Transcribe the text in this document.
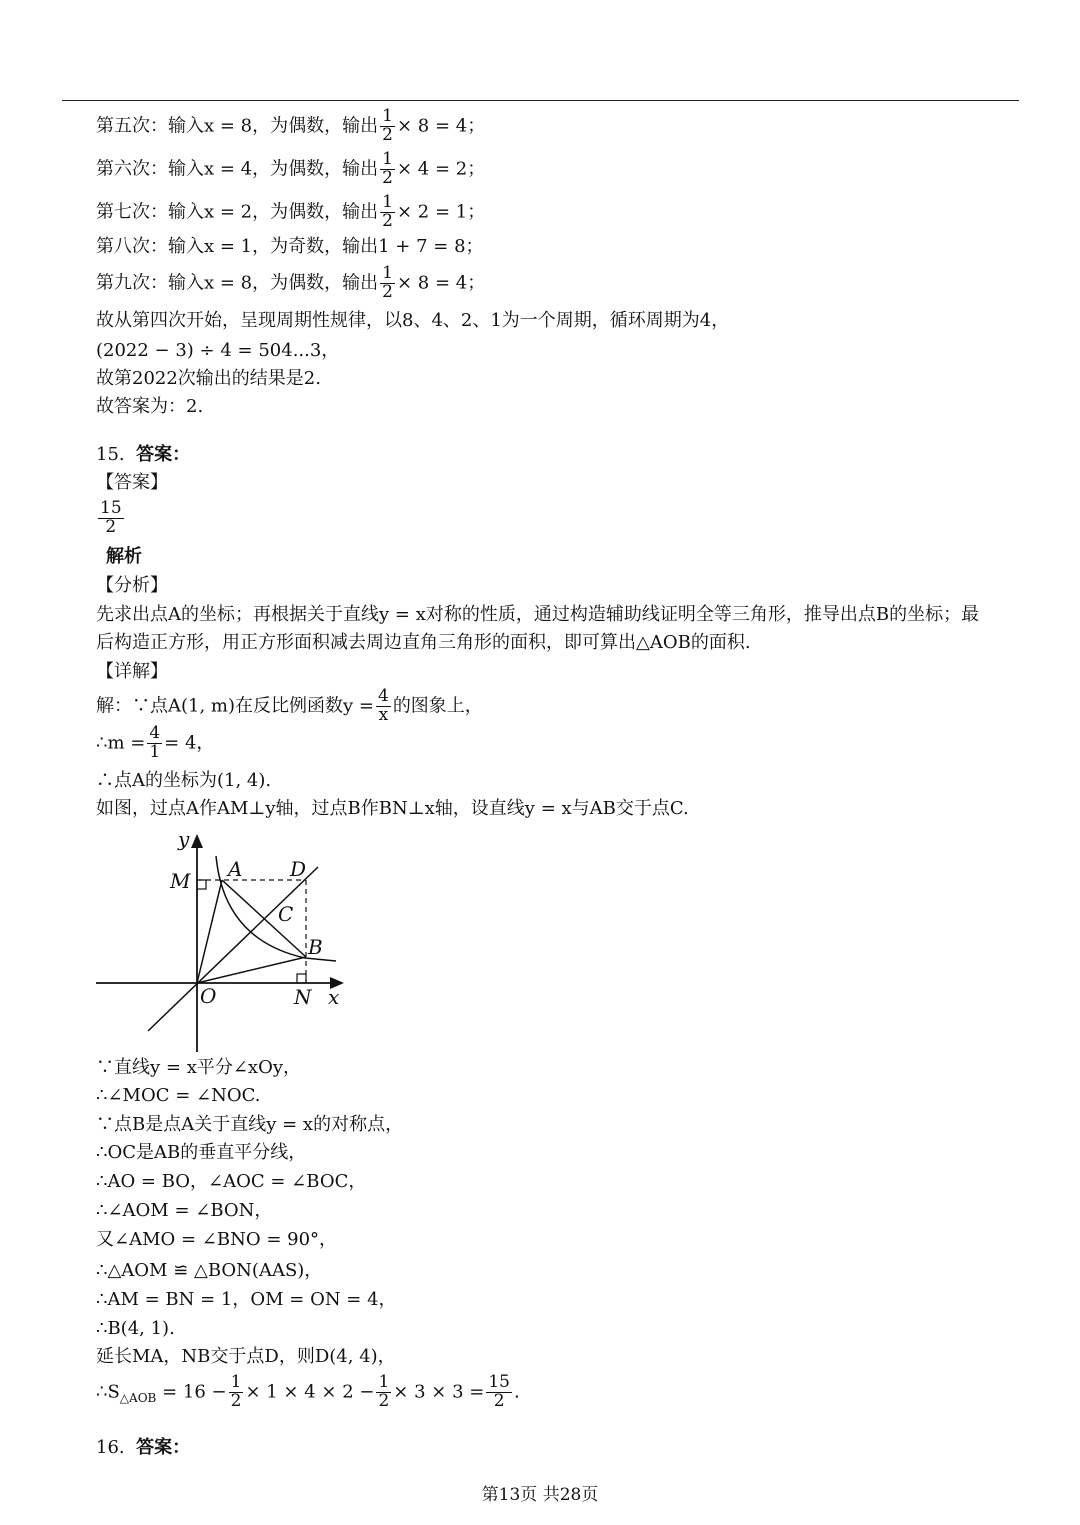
第五次：输入x = 8，为偶数，输出 $\frac{1}{2} \times 8 = 4$；
第六次：输入x = 4，为偶数，输出 $\frac{1}{2} \times 4 = 2$；
第七次：输入x = 2，为偶数，输出 $\frac{1}{2} \times 2 = 1$；
第八次：输入x = 1，为奇数，输出1 + 7 = 8；
第九次：输入x = 8，为偶数，输出 $\frac{1}{2} \times 8 = 4$；
故从第四次开始，呈现周期性规律，以8、4、2、1为一个周期，循环周期为4，
(2022 − 3) ÷ 4 = 504...3，
故第2022次输出的结果是2.
故答案为：2.
15. 答案：
【答案】
$\frac{15}{2}$
解析
【分析】
先求出点A的坐标；再根据关于直线y = x对称的性质，通过构造辅助线证明全等三角形，推导出点B的坐标；最
后构造正方形，用正方形面积减去周边直角三角形的面积，即可算出△AOB的面积.
【详解】
解：∵点A(1, m)在反比例函数$y = \frac{4}{x}$ 的图象上，
∴m = $\frac{4}{1} = 4$，
∴点A的坐标为(1, 4).
如图，过点A作AM⊥y轴，过点B作BN⊥x轴，设直线y = x与AB交于点C.
y
x
M A D
C
B
O	N
∵直线y = x平分∠xOy，
∴∠MOC = ∠NOC.
∵点B是点A关于直线y = x的对称点，
∴OC是AB的垂直平分线，
∴AO = BO，∠AOC = ∠BOC，
∴∠AOM = ∠BON，
又∠AMO = ∠BNO = 90°，
∴△AOM ≌ △BON(AAS)，
∴AM = BN = 1，OM = ON = 4，
∴B(4, 1).
延长MA，NB交于点D，则D(4, 4)，
$\therefore S_{\triangle AOB} = 16 - \frac{1}{2} \times 1 \times 4 \times 2 - \frac{1}{2} \times 3 \times 3 = \frac{15}{2}$ .
16. 答案：
第13页 共28页
